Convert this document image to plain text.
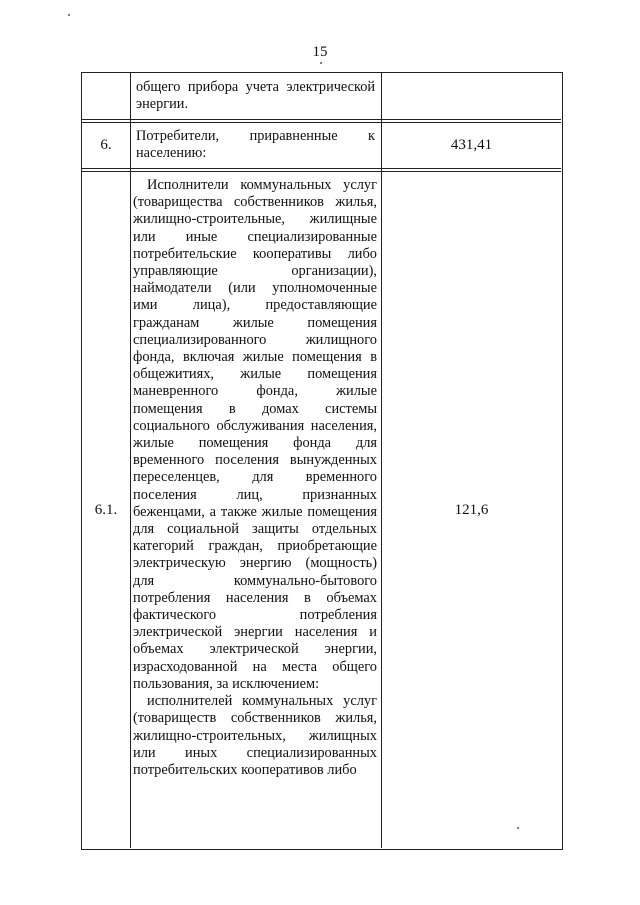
15

общего прибора учета электрической энергии.

6.

Потребители, приравненные к населению:	431,41
6.1.

Исполнители коммунальных услуг (товарищества собственников жилья, жилищно-строительные, жилищные или иные специализированные потребительские кооперативы либо управляющие организации), наймодатели (или уполномоченные ими лица), предоставляющие гражданам жилые помещения специализированного жилищного фонда, включая жилые помещения в общежитиях, жилые помещения маневренного фонда, жилые помещения в домах системы социального обслуживания населения, жилые помещения фонда для временного поселения вынужденных переселенцев, для временного поселения лиц, признанных беженцами, а также жилые помещения для социальной защиты отдельных категорий граждан, приобретающие электрическую энергию (мощность) для коммунально-бытового потребления населения в объемах фактического потребления электрической энергии населения и объемах электрической энергии, израсходованной на места общего пользования, за исключением:

исполнителей коммунальных услуг (товариществ собственников жилья, жилищно-строительных, жилищных или иных специализированных потребительских кооперативов либо

121,6
